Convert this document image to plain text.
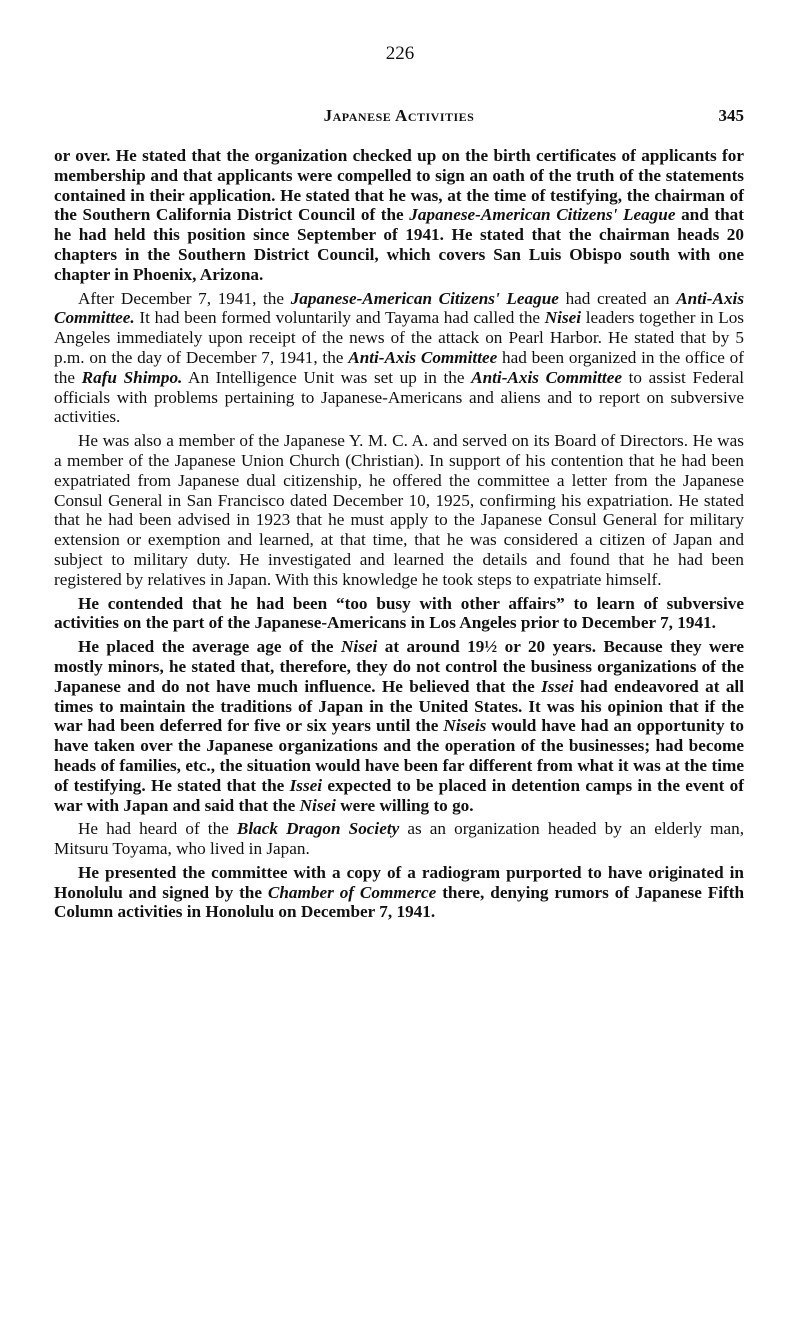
226
Japanese Activities	345

or over. He stated that the organization checked up on the birth certificates of applicants for membership and that applicants were compelled to sign an oath of the truth of the statements contained in their application. He stated that he was, at the time of testifying, the chairman of the Southern California District Council of the Japanese-American Citizens' League and that he had held this position since September of 1941. He stated that the chairman heads 20 chapters in the Southern District Council, which covers San Luis Obispo south with one chapter in Phoenix, Arizona.

After December 7, 1941, the Japanese-American Citizens' League had created an Anti-Axis Committee. It had been formed voluntarily and Tayama had called the Nisei leaders together in Los Angeles immediately upon receipt of the news of the attack on Pearl Harbor. He stated that by 5 p.m. on the day of December 7, 1941, the Anti-Axis Committee had been organized in the office of the Rafu Shimpo. An Intelligence Unit was set up in the Anti-Axis Committee to assist Federal officials with problems pertaining to Japanese-Americans and aliens and to report on subversive activities.

He was also a member of the Japanese Y. M. C. A. and served on its Board of Directors. He was a member of the Japanese Union Church (Christian). In support of his contention that he had been expatriated from Japanese dual citizenship, he offered the committee a letter from the Japanese Consul General in San Francisco dated December 10, 1925, confirming his expatriation. He stated that he had been advised in 1923 that he must apply to the Japanese Consul General for military extension or exemption and learned, at that time, that he was considered a citizen of Japan and subject to military duty. He investigated and learned the details and found that he had been registered by relatives in Japan. With this knowledge he took steps to expatriate himself.

He contended that he had been “too busy with other affairs” to learn of subversive activities on the part of the Japanese-Americans in Los Angeles prior to December 7, 1941.

He placed the average age of the Nisei at around 19½ or 20 years. Because they were mostly minors, he stated that, therefore, they do not control the business organizations of the Japanese and do not have much influence. He believed that the Issei had endeavored at all times to maintain the traditions of Japan in the United States. It was his opinion that if the war had been deferred for five or six years until the Niseis would have had an opportunity to have taken over the Japanese organizations and the operation of the businesses; had become heads of families, etc., the situation would have been far different from what it was at the time of testifying. He stated that the Issei expected to be placed in detention camps in the event of war with Japan and said that the Nisei were willing to go.

He had heard of the Black Dragon Society as an organization headed by an elderly man, Mitsuru Toyama, who lived in Japan.

He presented the committee with a copy of a radiogram purported to have originated in Honolulu and signed by the Chamber of Commerce there, denying rumors of Japanese Fifth Column activities in Honolulu on December 7, 1941.
